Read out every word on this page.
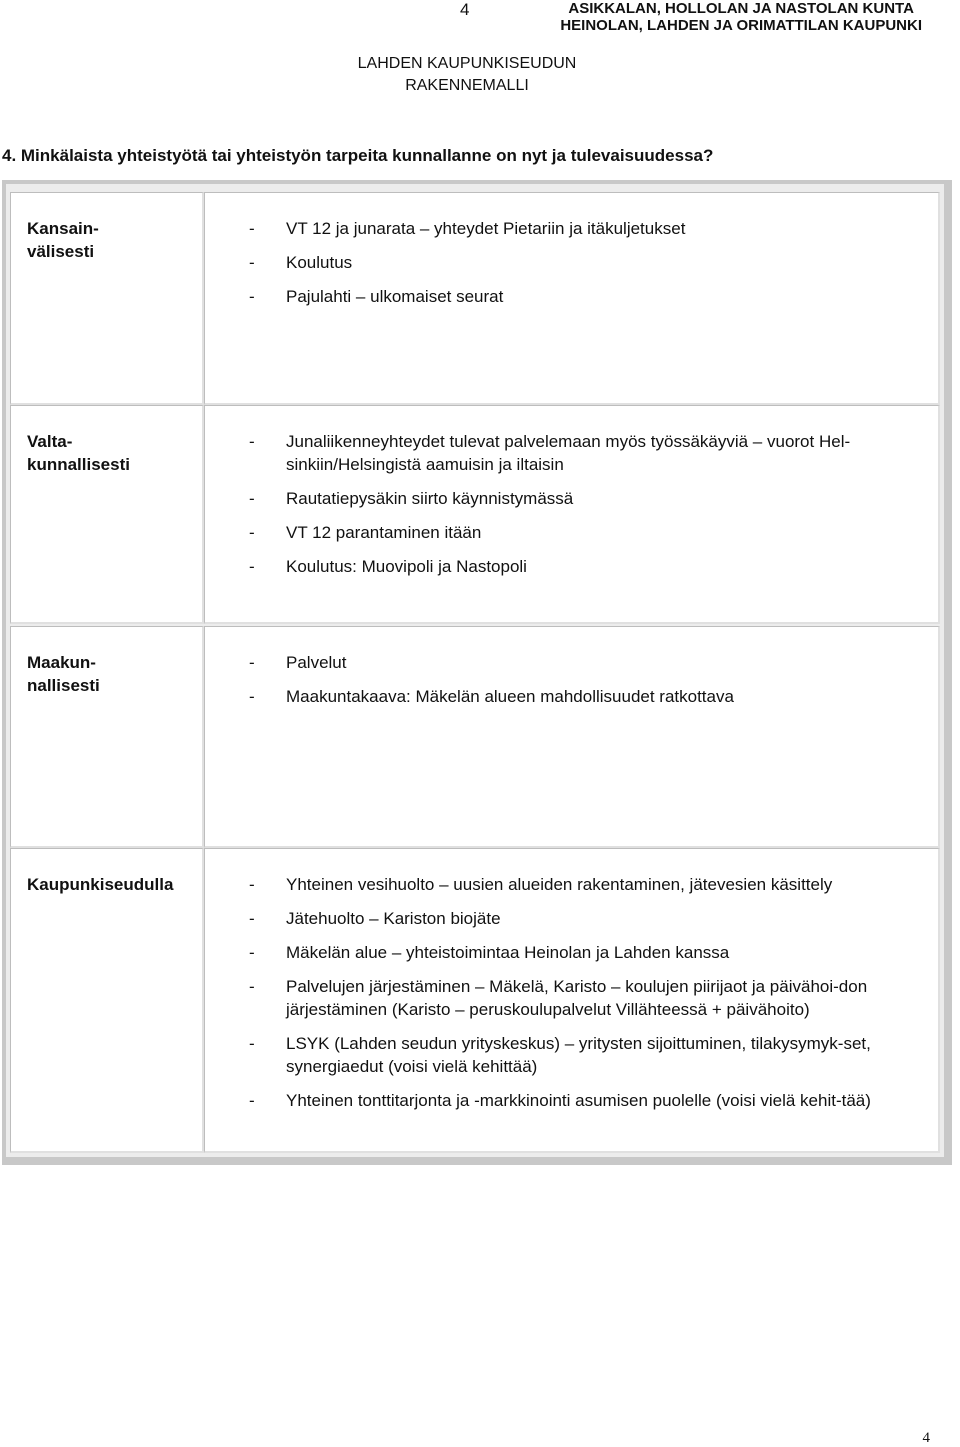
4	ASIKKALAN, HOLLOLAN JA NASTOLAN KUNTA
HEINOLAN, LAHDEN JA ORIMATTILAN KAUPUNKI
LAHDEN KAUPUNKISEUDUN
RAKENNEMALLI
4. Minkälaista yhteistyötä tai yhteistyön tarpeita kunnallanne on nyt ja tulevaisuudessa?
Kansain-
välisesti
- VT 12 ja junarata – yhteydet Pietariin ja itäkuljetukset
- Koulutus
- Pajulahti – ulkomaiset seurat
Valta-
kunnallisesti
- Junaliikenneyhteydet tulevat palvelemaan myös työssäkäyviä – vuorot Hel-sinkiin/Helsingistä aamuisin ja iltaisin
- Rautatiepysäkin siirto käynnistymässä
- VT 12 parantaminen itään
- Koulutus: Muovipoli ja Nastopoli
Maakun-
nallisesti
- Palvelut
- Maakuntakaava: Mäkelän alueen mahdollisuudet ratkottava
Kaupunkiseudulla	- Yhteinen vesihuolto – uusien alueiden rakentaminen, jätevesien käsittely
- Jätehuolto – Kariston biojäte
- Mäkelän alue – yhteistoimintaa Heinolan ja Lahden kanssa
- Palvelujen järjestäminen – Mäkelä, Karisto – koulujen piirijaot ja päivähoi-don järjestäminen (Karisto – peruskoulupalvelut Villähteessä + päivähoito)
- LSYK (Lahden seudun yrityskeskus) – yritysten sijoittuminen, tilakysymyk-set, synergiaedut (voisi vielä kehittää)
- Yhteinen tonttitarjonta ja -markkinointi asumisen puolelle (voisi vielä kehit-tää)
4
